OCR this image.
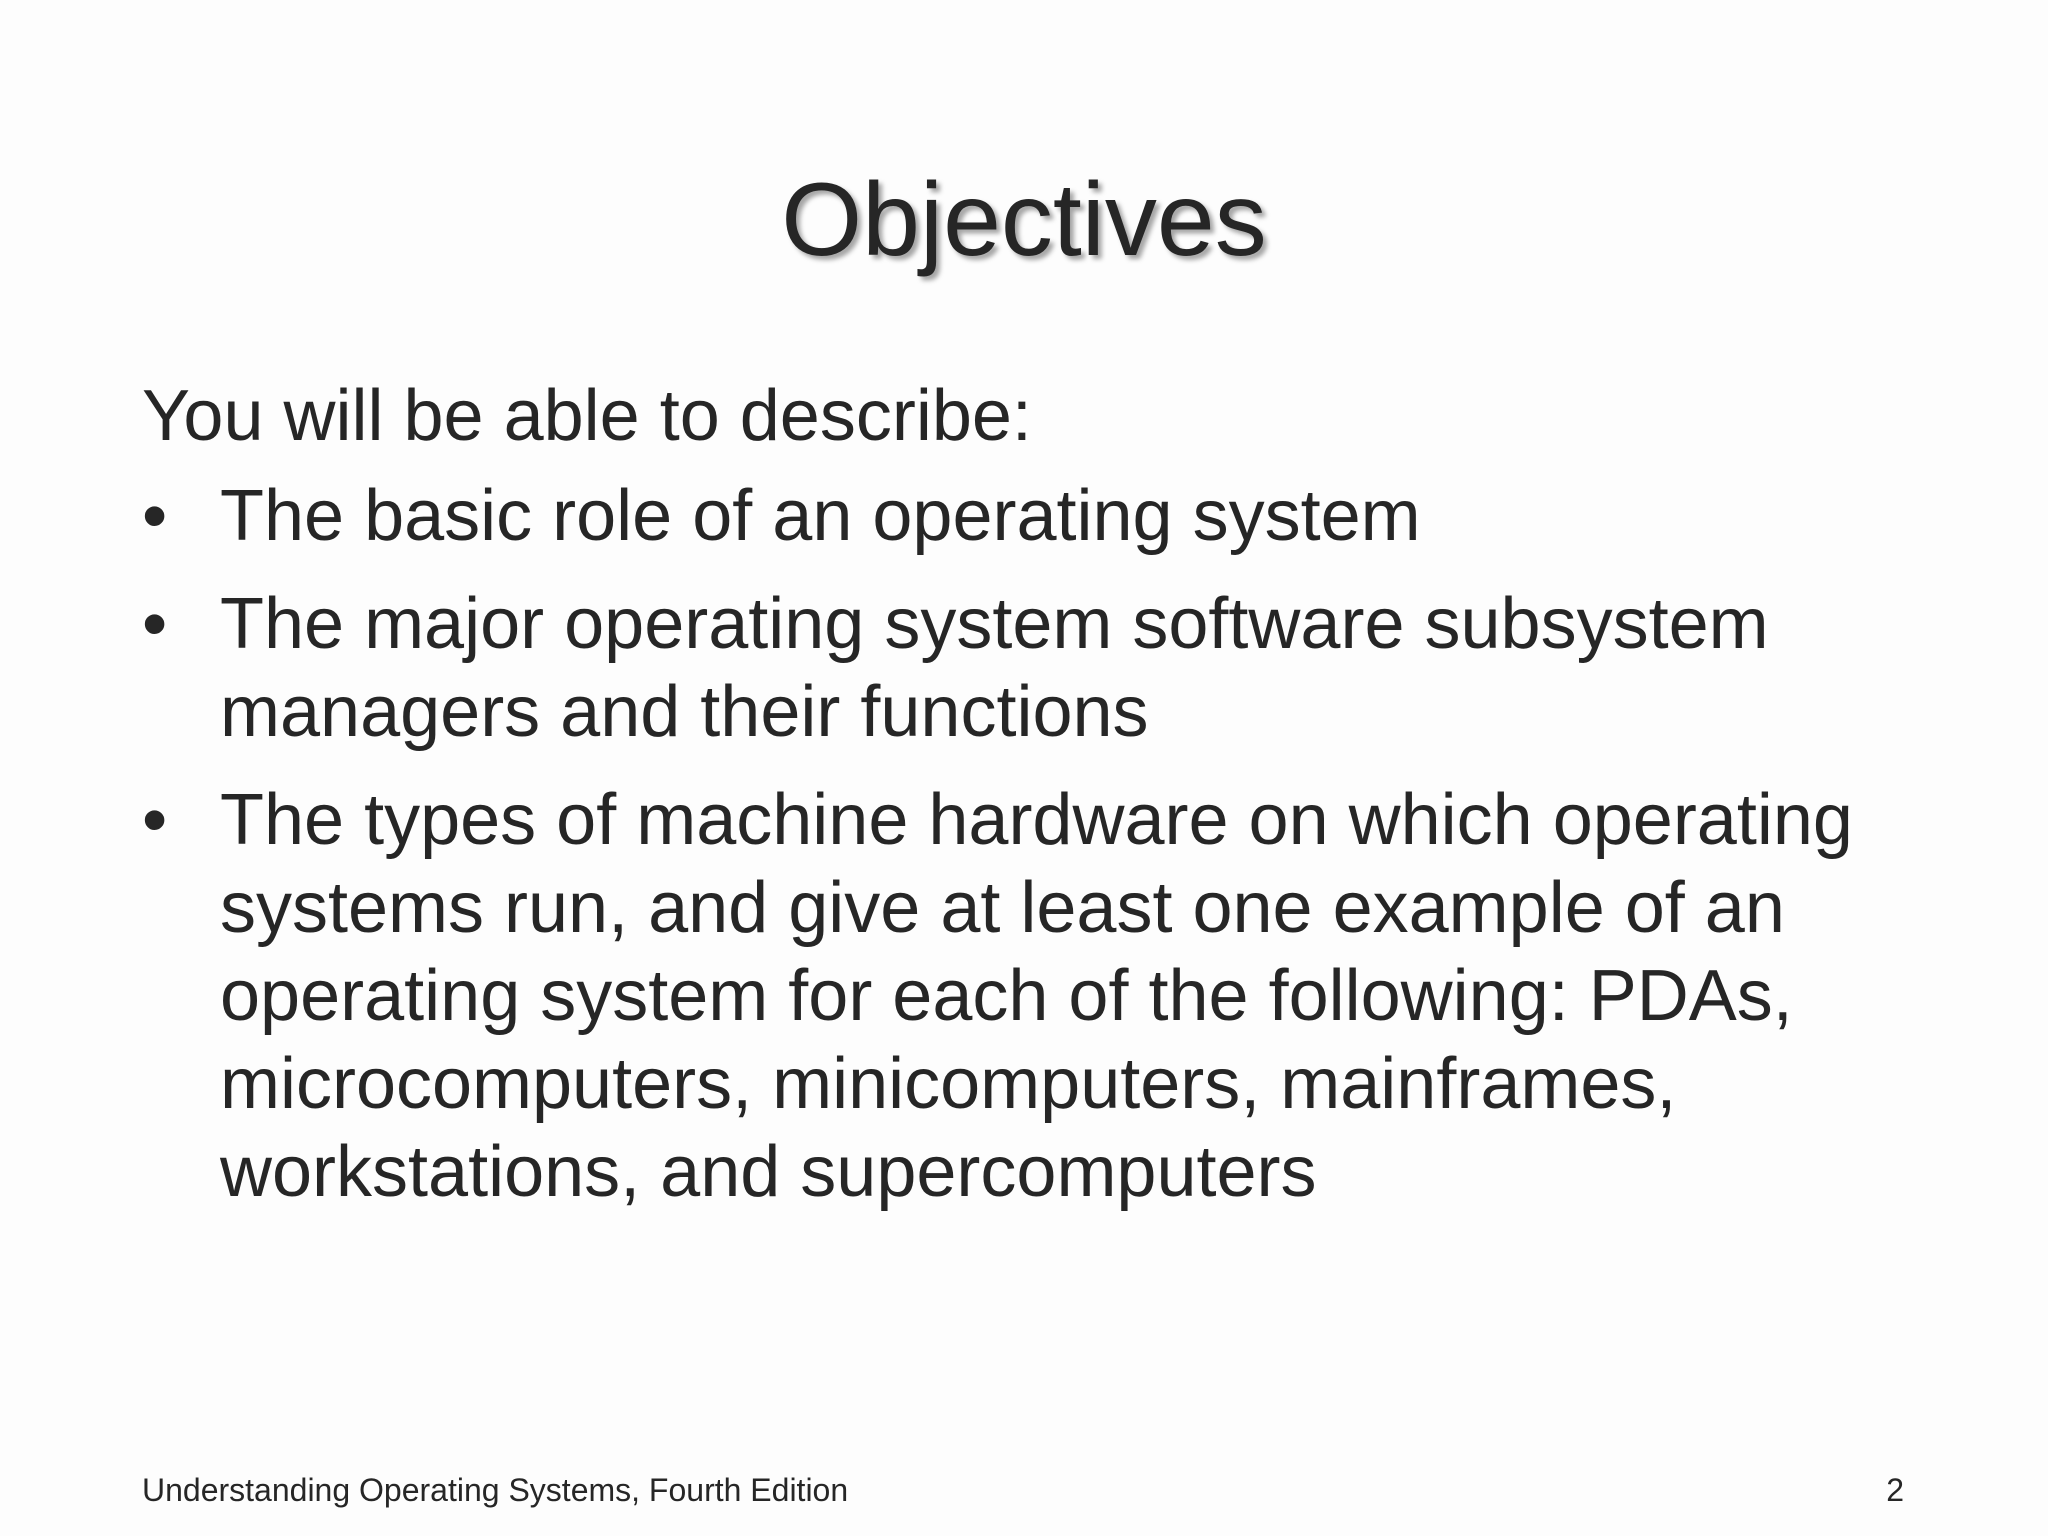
Objectives
You will be able to describe:
• The basic role of an operating system
• The major operating system software subsystem managers and their functions
• The types of machine hardware on which operating systems run, and give at least one example of an operating system for each of the following: PDAs, microcomputers, minicomputers, mainframes, workstations, and supercomputers
Understanding Operating Systems, Fourth Edition	2
